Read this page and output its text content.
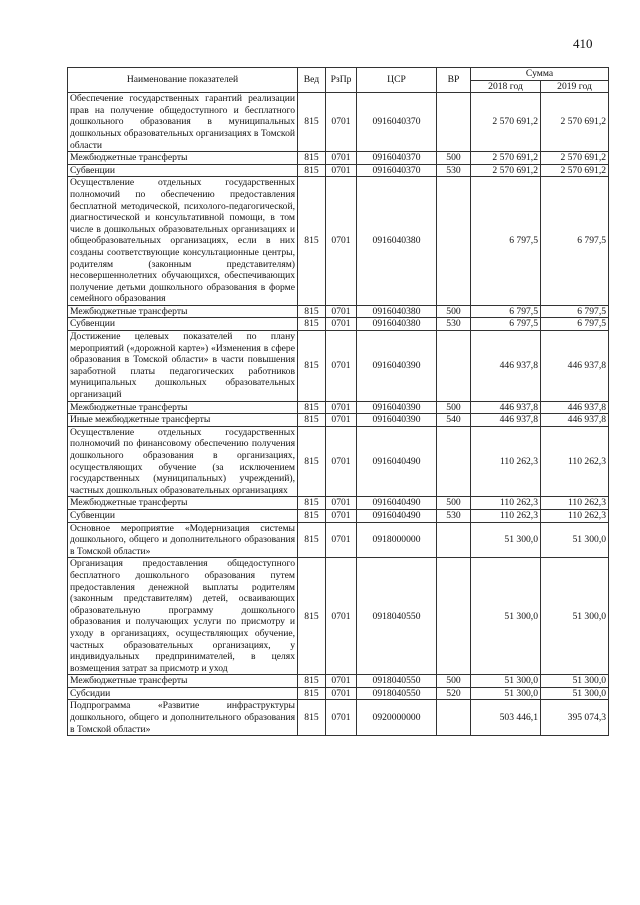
410
Наименование показателей	Вед	РзПр	ЦСР	ВР	Сумма	
					2018 год	2019 год
Обеспечение государственных гарантий реализации прав на получение общедоступного и бесплатного дошкольного образования в муниципальных дошкольных образовательных организациях в Томской области	815	0701	0916040370		2 570 691,2	2 570 691,2
Межбюджетные трансферты	815	0701	0916040370	500	2 570 691,2	2 570 691,2
Субвенции	815	0701	0916040370	530	2 570 691,2	2 570 691,2
Осуществление отдельных государственных полномочий по обеспечению предоставления бесплатной методической, психолого-педагогической, диагностической и консультативной помощи, в том числе в дошкольных образовательных организациях и общеобразовательных организациях, если в них созданы соответствующие консультационные центры, родителям (законным представителям) несовершеннолетних обучающихся, обеспечивающих получение детьми дошкольного образования в форме семейного образования	815	0701	0916040380		6 797,5	6 797,5
Межбюджетные трансферты	815	0701	0916040380	500	6 797,5	6 797,5
Субвенции	815	0701	0916040380	530	6 797,5	6 797,5
Достижение целевых показателей по плану мероприятий («дорожной карте») «Изменения в сфере образования в Томской области» в части повышения заработной платы педагогических работников муниципальных дошкольных образовательных организаций	815	0701	0916040390		446 937,8	446 937,8
Межбюджетные трансферты	815	0701	0916040390	500	446 937,8	446 937,8
Иные межбюджетные трансферты	815	0701	0916040390	540	446 937,8	446 937,8
Осуществление отдельных государственных полномочий по финансовому обеспечению получения дошкольного образования в организациях, осуществляющих обучение (за исключением государственных (муниципальных) учреждений), частных дошкольных образовательных организациях	815	0701	0916040490		110 262,3	110 262,3
Межбюджетные трансферты	815	0701	0916040490	500	110 262,3	110 262,3
Субвенции	815	0701	0916040490	530	110 262,3	110 262,3
Основное мероприятие «Модернизация системы дошкольного, общего и дополнительного образования в Томской области»	815	0701	0918000000		51 300,0	51 300,0
Организация предоставления общедоступного бесплатного дошкольного образования путем предоставления денежной выплаты родителям (законным представителям) детей, осваивающих образовательную программу дошкольного образования и получающих услуги по присмотру и уходу в организациях, осуществляющих обучение, частных образовательных организациях, у индивидуальных предпринимателей, в целях возмещения затрат за присмотр и уход	815	0701	0918040550		51 300,0	51 300,0
Межбюджетные трансферты	815	0701	0918040550	500	51 300,0	51 300,0
Субсидии	815	0701	0918040550	520	51 300,0	51 300,0
Подпрограмма «Развитие инфраструктуры дошкольного, общего и дополнительного образования в Томской области»	815	0701	0920000000		503 446,1	395 074,3
